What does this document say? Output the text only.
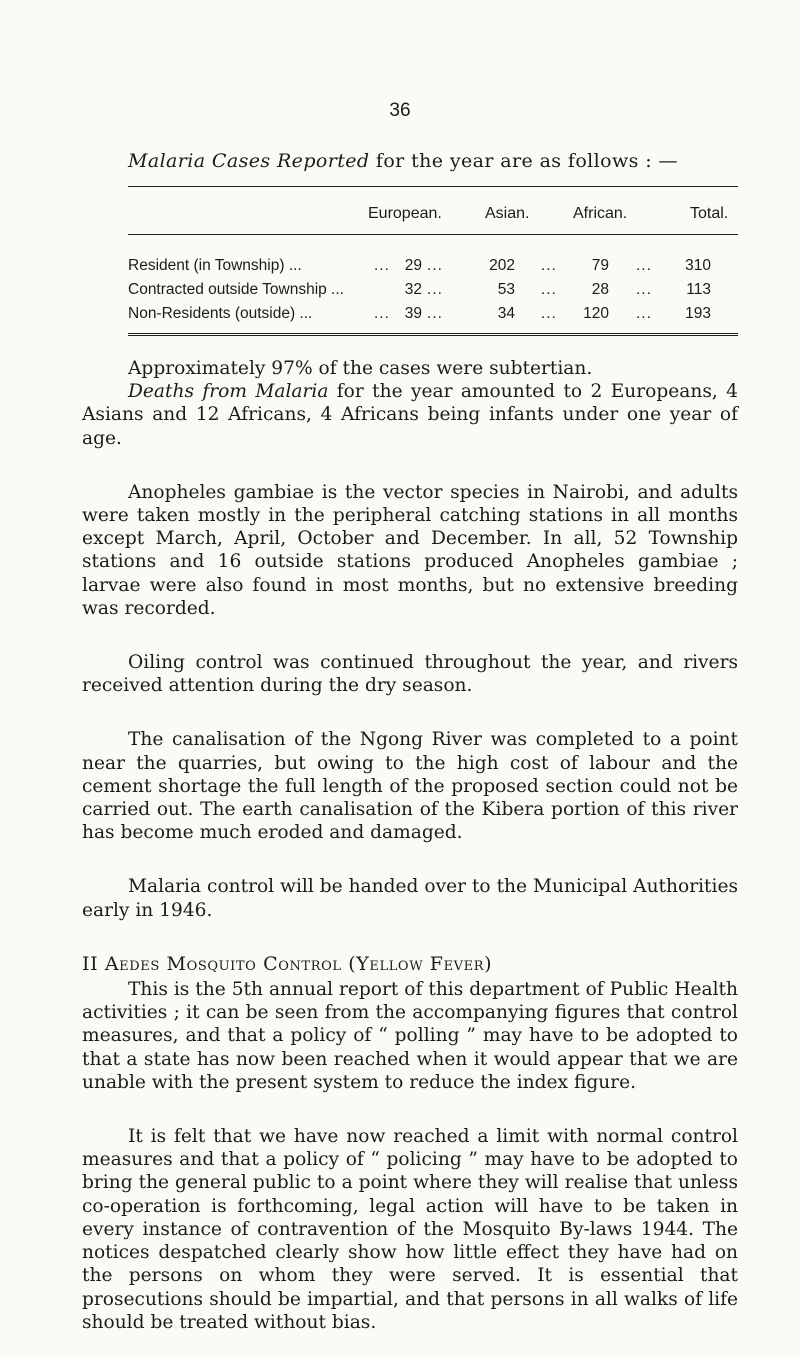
36
Malaria Cases Reported for the year are as follows : —
European.	Asian.	African.	Total.
Resident (in Township) ...	... 29 ...	202 ...	79 ...	310
Contracted outside Township ...	32 ...	53 ...	28 ...	113
Non-Residents (outside) ...	... 39 ...	34 ...	120 ...	193

Approximately 97% of the cases were subtertian.

Deaths from Malaria for the year amounted to 2 Europeans, 4 Asians and 12 Africans, 4 Africans being infants under one year of age.

Anopheles gambiae is the vector species in Nairobi, and adults were taken mostly in the peripheral catching stations in all months except March, April, October and December. In all, 52 Township stations and 16 outside stations produced Anopheles gambiae ; larvae were also found in most months, but no extensive breeding was recorded.

Oiling control was continued throughout the year, and rivers received attention during the dry season.

The canalisation of the Ngong River was completed to a point near the quarries, but owing to the high cost of labour and the cement shortage the full length of the proposed section could not be carried out. The earth canalisation of the Kibera portion of this river has become much eroded and damaged.

Malaria control will be handed over to the Municipal Authorities early in 1946.

II Aedes Mosquito Control (Yellow Fever)

This is the 5th annual report of this department of Public Health activities ; it can be seen from the accompanying figures that control measures, and that a policy of “ polling ” may have to be adopted to that a state has now been reached when it would appear that we are unable with the present system to reduce the index figure.

It is felt that we have now reached a limit with normal control measures and that a policy of “ policing ” may have to be adopted to bring the general public to a point where they will realise that unless co-operation is forthcoming, legal action will have to be taken in every instance of contravention of the Mosquito By-laws 1944. The notices despatched clearly show how little effect they have had on the persons on whom they were served. It is essential that prosecutions should be impartial, and that persons in all walks of life should be treated without bias.
